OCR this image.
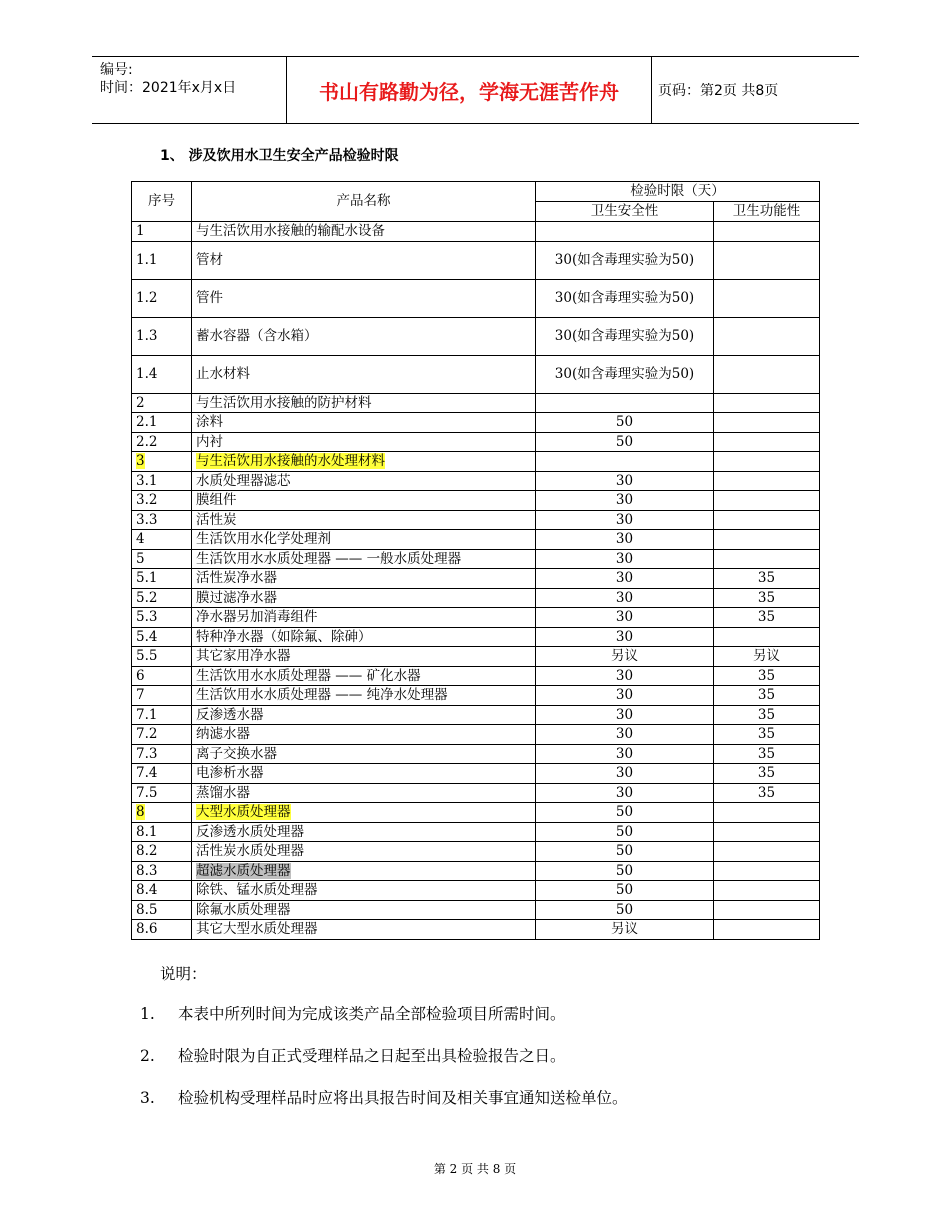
编号:
时间：2021年x月x日	书山有路勤为径，学海无涯苦作舟	页码：第2页 共8页
1、 涉及饮用水卫生安全产品检验时限
序号	产品名称	检验时限（天）	
		卫生安全性	卫生功能性
1	与生活饮用水接触的输配水设备		
1.1	管材	30(如含毒理实验为50)	
1.2	管件	30(如含毒理实验为50)	
1.3	蓄水容器（含水箱）	30(如含毒理实验为50)	
1.4	止水材料	30(如含毒理实验为50)	
2	与生活饮用水接触的防护材料		
2.1	涂料	50	
2.2	内衬	50	
3	与生活饮用水接触的水处理材料		
3.1	水质处理器滤芯	30	
3.2	膜组件	30	
3.3	活性炭	30	
4	生活饮用水化学处理剂	30	
5	生活饮用水水质处理器 —— 一般水质处理器	30	
5.1	活性炭净水器	30	35
5.2	膜过滤净水器	30	35
5.3	净水器另加消毒组件	30	35
5.4	特种净水器（如除氟、除砷）	30	
5.5	其它家用净水器	另议	另议
6	生活饮用水水质处理器 —— 矿化水器	30	35
7	生活饮用水水质处理器 —— 纯净水处理器	30	35
7.1	反渗透水器	30	35
7.2	纳滤水器	30	35
7.3	离子交换水器	30	35
7.4	电渗析水器	30	35
7.5	蒸馏水器	30	35
8	大型水质处理器	50	
8.1	反渗透水质处理器	50	
8.2	活性炭水质处理器	50	
8.3	超滤水质处理器	50	
8.4	除铁、锰水质处理器	50	
8.5	除氟水质处理器	50	
8.6	其它大型水质处理器	另议	
说明：
1. 本表中所列时间为完成该类产品全部检验项目所需时间。
2. 检验时限为自正式受理样品之日起至出具检验报告之日。
3. 检验机构受理样品时应将出具报告时间及相关事宜通知送检单位。
第 2 页 共 8 页
